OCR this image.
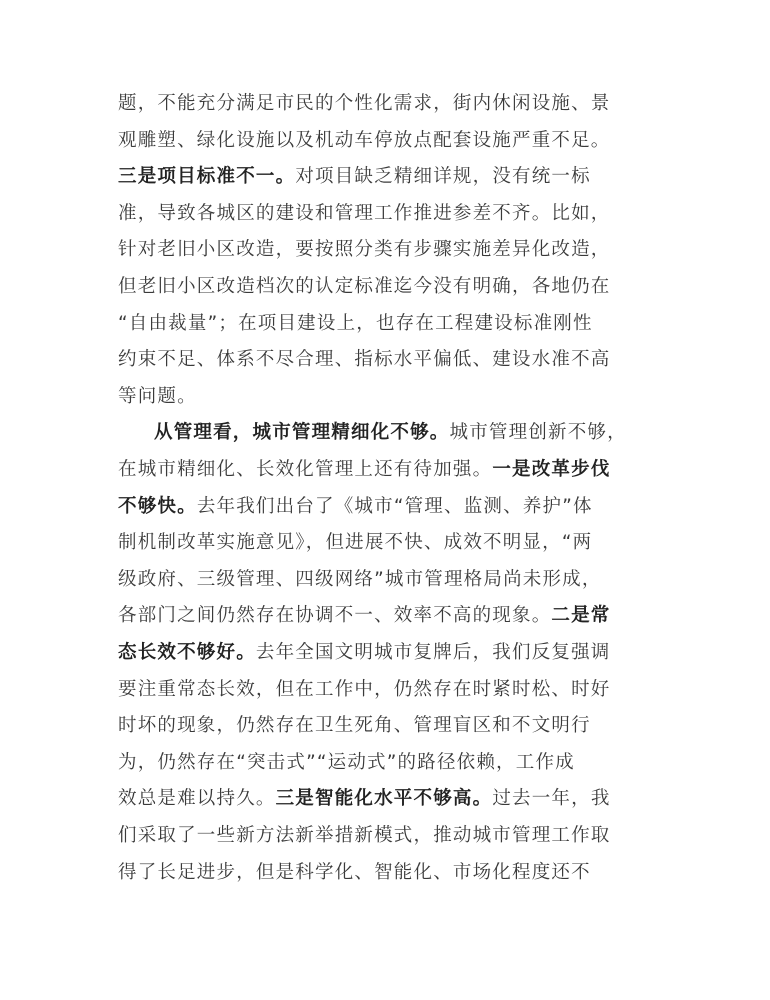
题，不能充分满足市民的个性化需求，街内休闲设施、景
观雕塑、绿化设施以及机动车停放点配套设施严重不足。
三是项目标准不一。对项目缺乏精细详规，没有统一标
准，导致各城区的建设和管理工作推进参差不齐。比如，
针对老旧小区改造，要按照分类有步骤实施差异化改造，
但老旧小区改造档次的认定标准迄今没有明确，各地仍在
“自由裁量”；在项目建设上，也存在工程建设标准刚性
约束不足、体系不尽合理、指标水平偏低、建设水准不高
等问题。
从管理看，城市管理精细化不够。城市管理创新不够，
在城市精细化、长效化管理上还有待加强。一是改革步伐
不够快。去年我们出台了《城市“管理、监测、养护”体
制机制改革实施意见》，但进展不快、成效不明显，“两
级政府、三级管理、四级网络”城市管理格局尚未形成，
各部门之间仍然存在协调不一、效率不高的现象。二是常
态长效不够好。去年全国文明城市复牌后，我们反复强调
要注重常态长效，但在工作中，仍然存在时紧时松、时好
时坏的现象，仍然存在卫生死角、管理盲区和不文明行
为，仍然存在“突击式”“运动式”的路径依赖，工作成
效总是难以持久。三是智能化水平不够高。过去一年，我
们采取了一些新方法新举措新模式，推动城市管理工作取
得了长足进步，但是科学化、智能化、市场化程度还不
